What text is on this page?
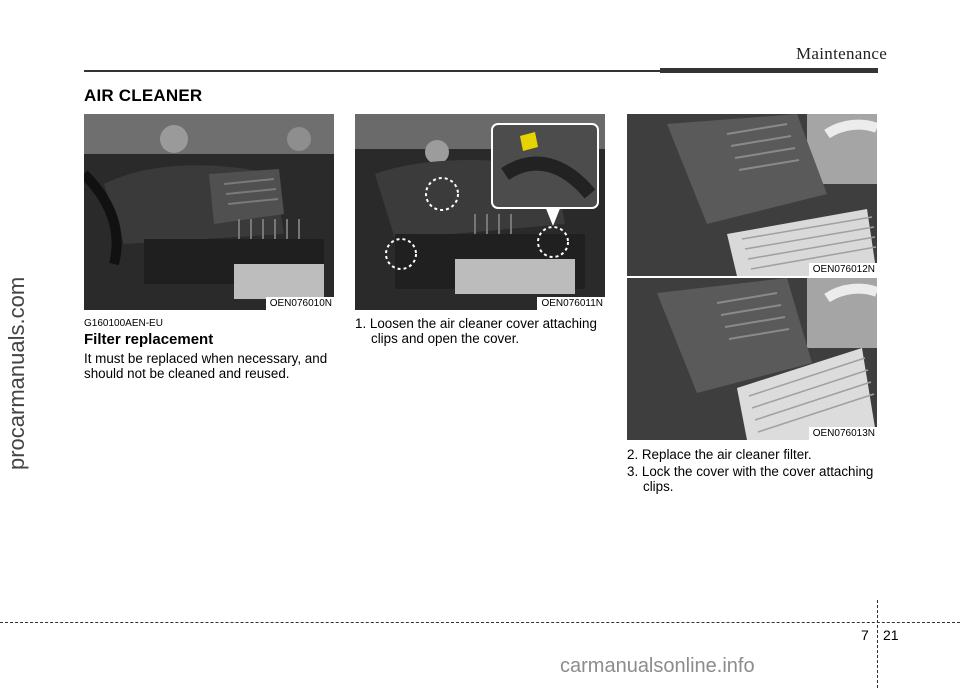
Maintenance
AIR CLEANER
OEN076010N	OEN076011N
OEN076012N
OEN076013N
G160100AEN-EU
Filter replacement
It must be replaced when necessary, and should not be cleaned and reused.
1. Loosen the air cleaner cover attaching
clips and open the cover.
2. Replace the air cleaner filter.
3. Lock the cover with the cover attaching
clips.
7 21
procarmanuals.com
carmanualsonline.info
